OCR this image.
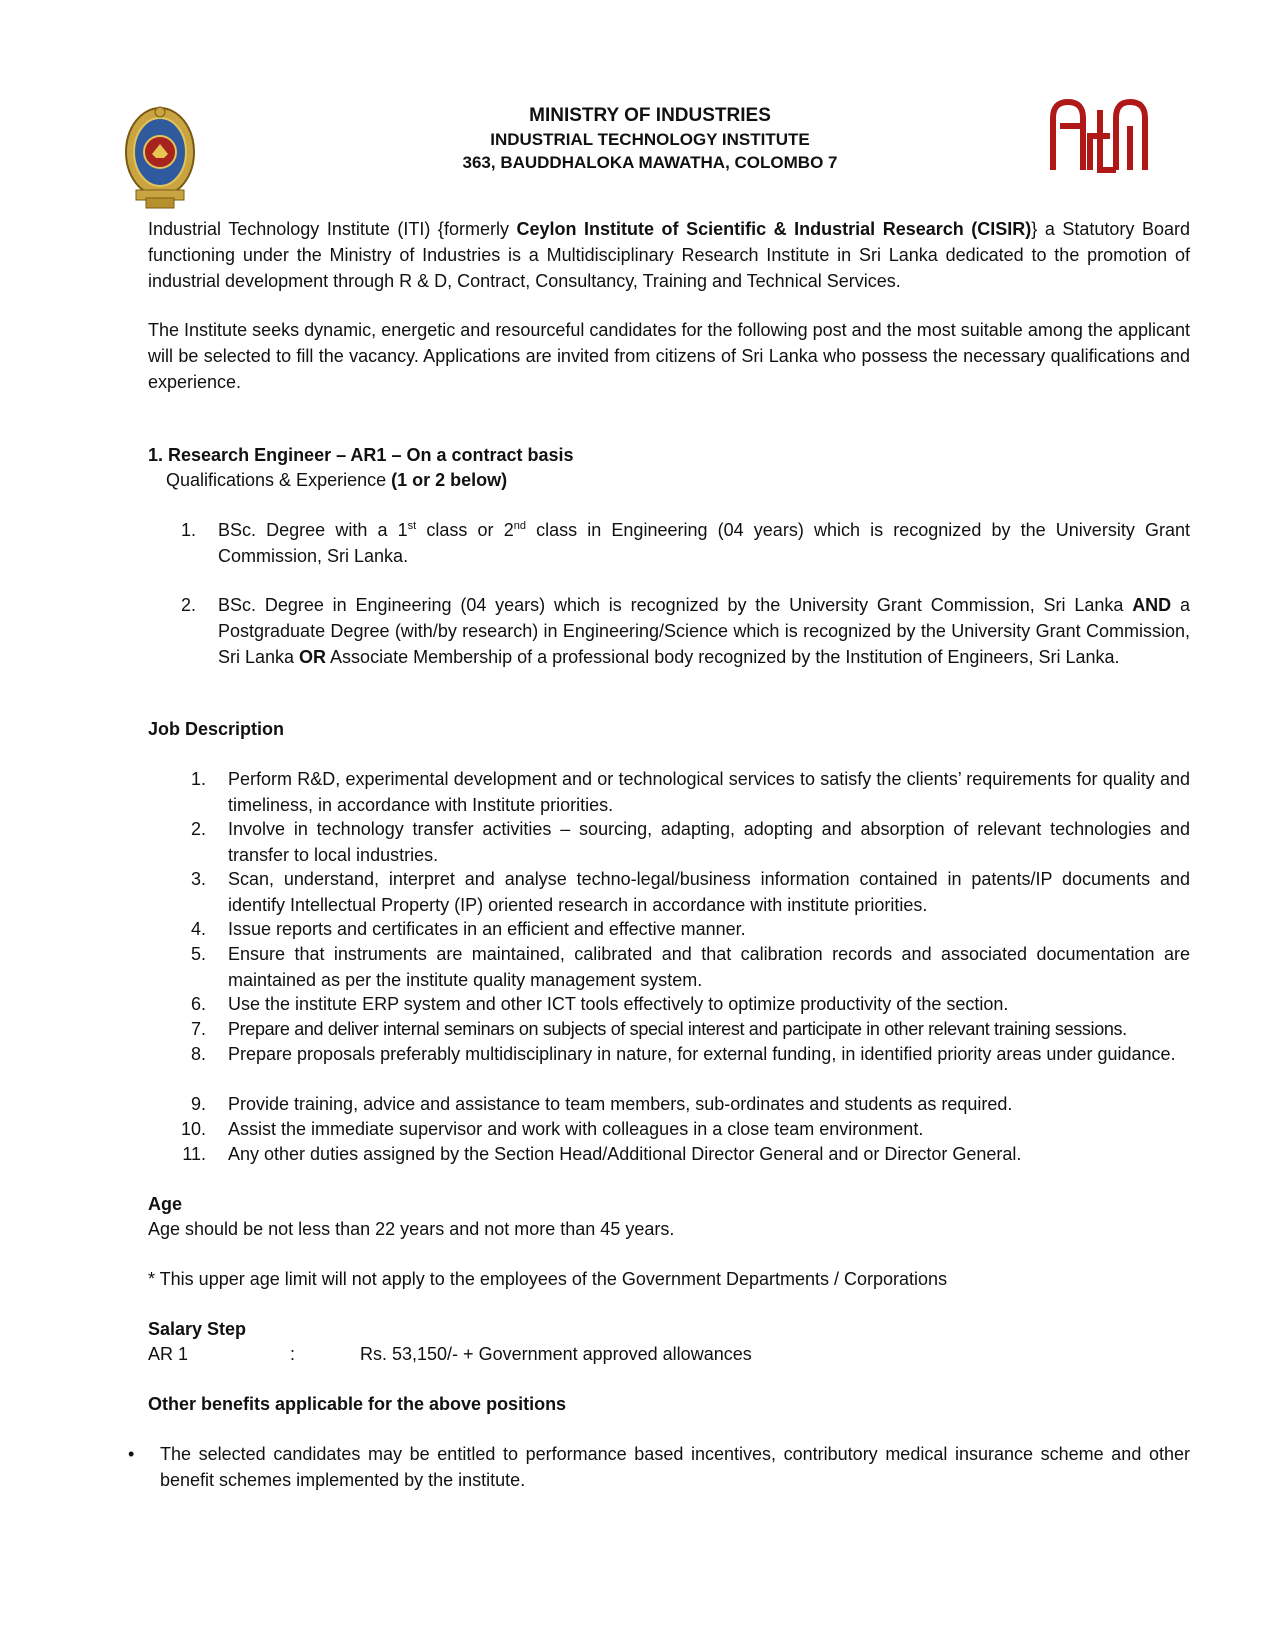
MINISTRY OF INDUSTRIES
INDUSTRIAL TECHNOLOGY INSTITUTE
363, BAUDDHALOKA MAWATHA, COLOMBO 7
Industrial Technology Institute (ITI) {formerly Ceylon Institute of Scientific & Industrial Research (CISIR)} a Statutory Board functioning under the Ministry of Industries is a Multidisciplinary Research Institute in Sri Lanka dedicated to the promotion of industrial development through R & D, Contract, Consultancy, Training and Technical Services.
The Institute seeks dynamic, energetic and resourceful candidates for the following post and the most suitable among the applicant will be selected to fill the vacancy. Applications are invited from citizens of Sri Lanka who possess the necessary qualifications and experience.
1. Research Engineer – AR1 – On a contract basis
Qualifications & Experience (1 or 2 below)
1. BSc. Degree with a 1st class or 2nd class in Engineering (04 years) which is recognized by the University Grant Commission, Sri Lanka.
2. BSc. Degree in Engineering (04 years) which is recognized by the University Grant Commission, Sri Lanka AND a Postgraduate Degree (with/by research) in Engineering/Science which is recognized by the University Grant Commission, Sri Lanka OR Associate Membership of a professional body recognized by the Institution of Engineers, Sri Lanka.
Job Description
1. Perform R&D, experimental development and or technological services to satisfy the clients’ requirements for quality and timeliness, in accordance with Institute priorities.
2. Involve in technology transfer activities – sourcing, adapting, adopting and absorption of relevant technologies and transfer to local industries.
3. Scan, understand, interpret and analyse techno-legal/business information contained in patents/IP documents and identify Intellectual Property (IP) oriented research in accordance with institute priorities.
4. Issue reports and certificates in an efficient and effective manner.
5. Ensure that instruments are maintained, calibrated and that calibration records and associated documentation are maintained as per the institute quality management system.
6. Use the institute ERP system and other ICT tools effectively to optimize productivity of the section.
7. Prepare and deliver internal seminars on subjects of special interest and participate in other relevant training sessions.
8. Prepare proposals preferably multidisciplinary in nature, for external funding, in identified priority areas under guidance.
9. Provide training, advice and assistance to team members, sub-ordinates and students as required.
10. Assist the immediate supervisor and work with colleagues in a close team environment.
11. Any other duties assigned by the Section Head/Additional Director General and or Director General.
Age
Age should be not less than 22 years and not more than 45 years.
* This upper age limit will not apply to the employees of the Government Departments / Corporations
Salary Step
AR 1	:	Rs. 53,150/- + Government approved allowances
Other benefits applicable for the above positions
• The selected candidates may be entitled to performance based incentives, contributory medical insurance scheme and other benefit schemes implemented by the institute.
